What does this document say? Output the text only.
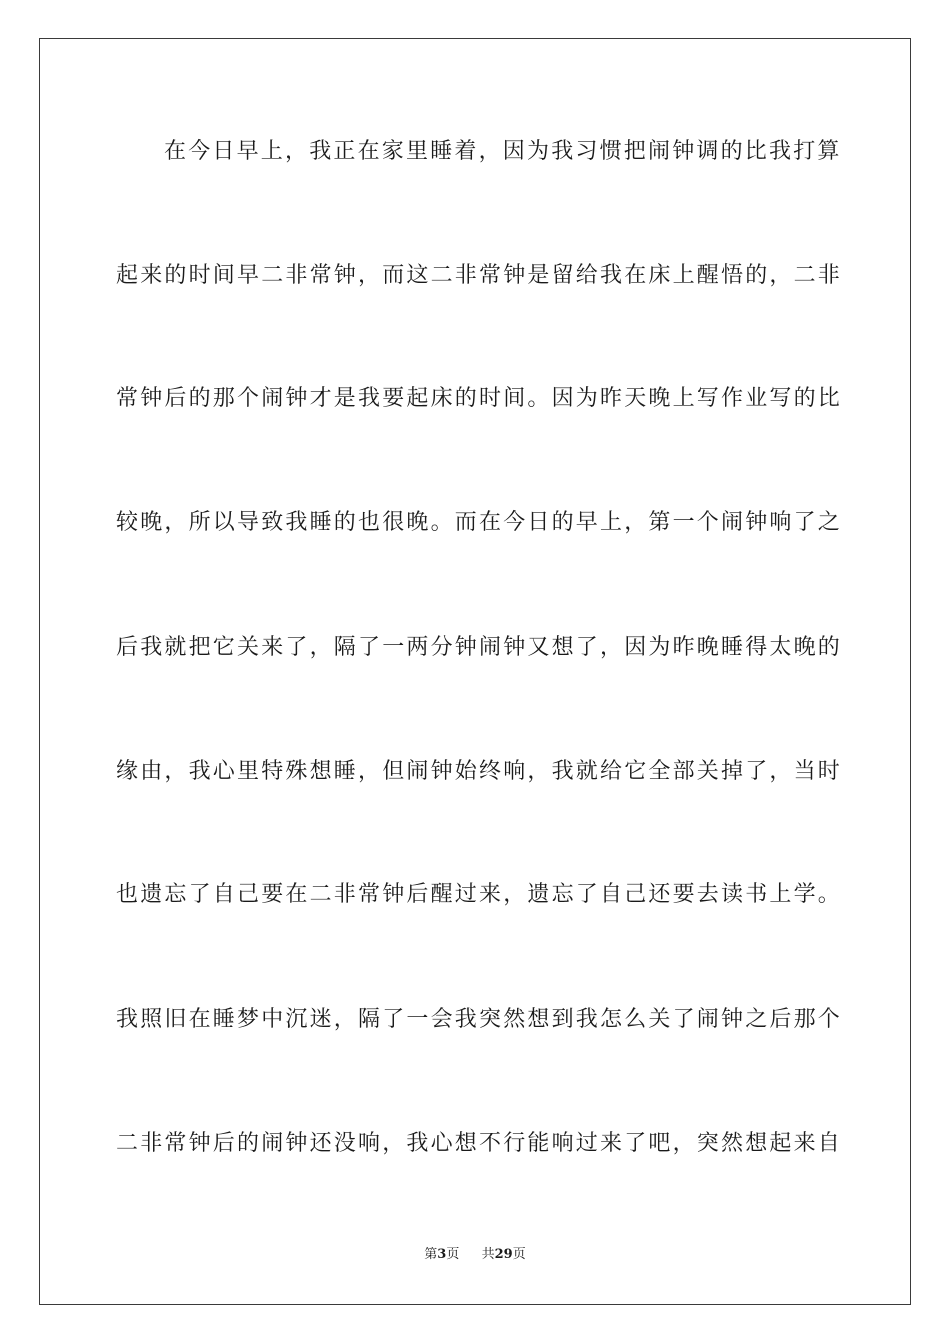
在今日早上，我正在家里睡着，因为我习惯把闹钟调的比我打算
起来的时间早二非常钟，而这二非常钟是留给我在床上醒悟的，二非
常钟后的那个闹钟才是我要起床的时间。因为昨天晚上写作业写的比
较晚，所以导致我睡的也很晚。而在今日的早上，第一个闹钟响了之
后我就把它关来了，隔了一两分钟闹钟又想了，因为昨晚睡得太晚的
缘由，我心里特殊想睡，但闹钟始终响，我就给它全部关掉了，当时
也遗忘了自己要在二非常钟后醒过来，遗忘了自己还要去读书上学。
我照旧在睡梦中沉迷，隔了一会我突然想到我怎么关了闹钟之后那个
二非常钟后的闹钟还没响，我心想不行能响过来了吧，突然想起来自
第3页 共29页
